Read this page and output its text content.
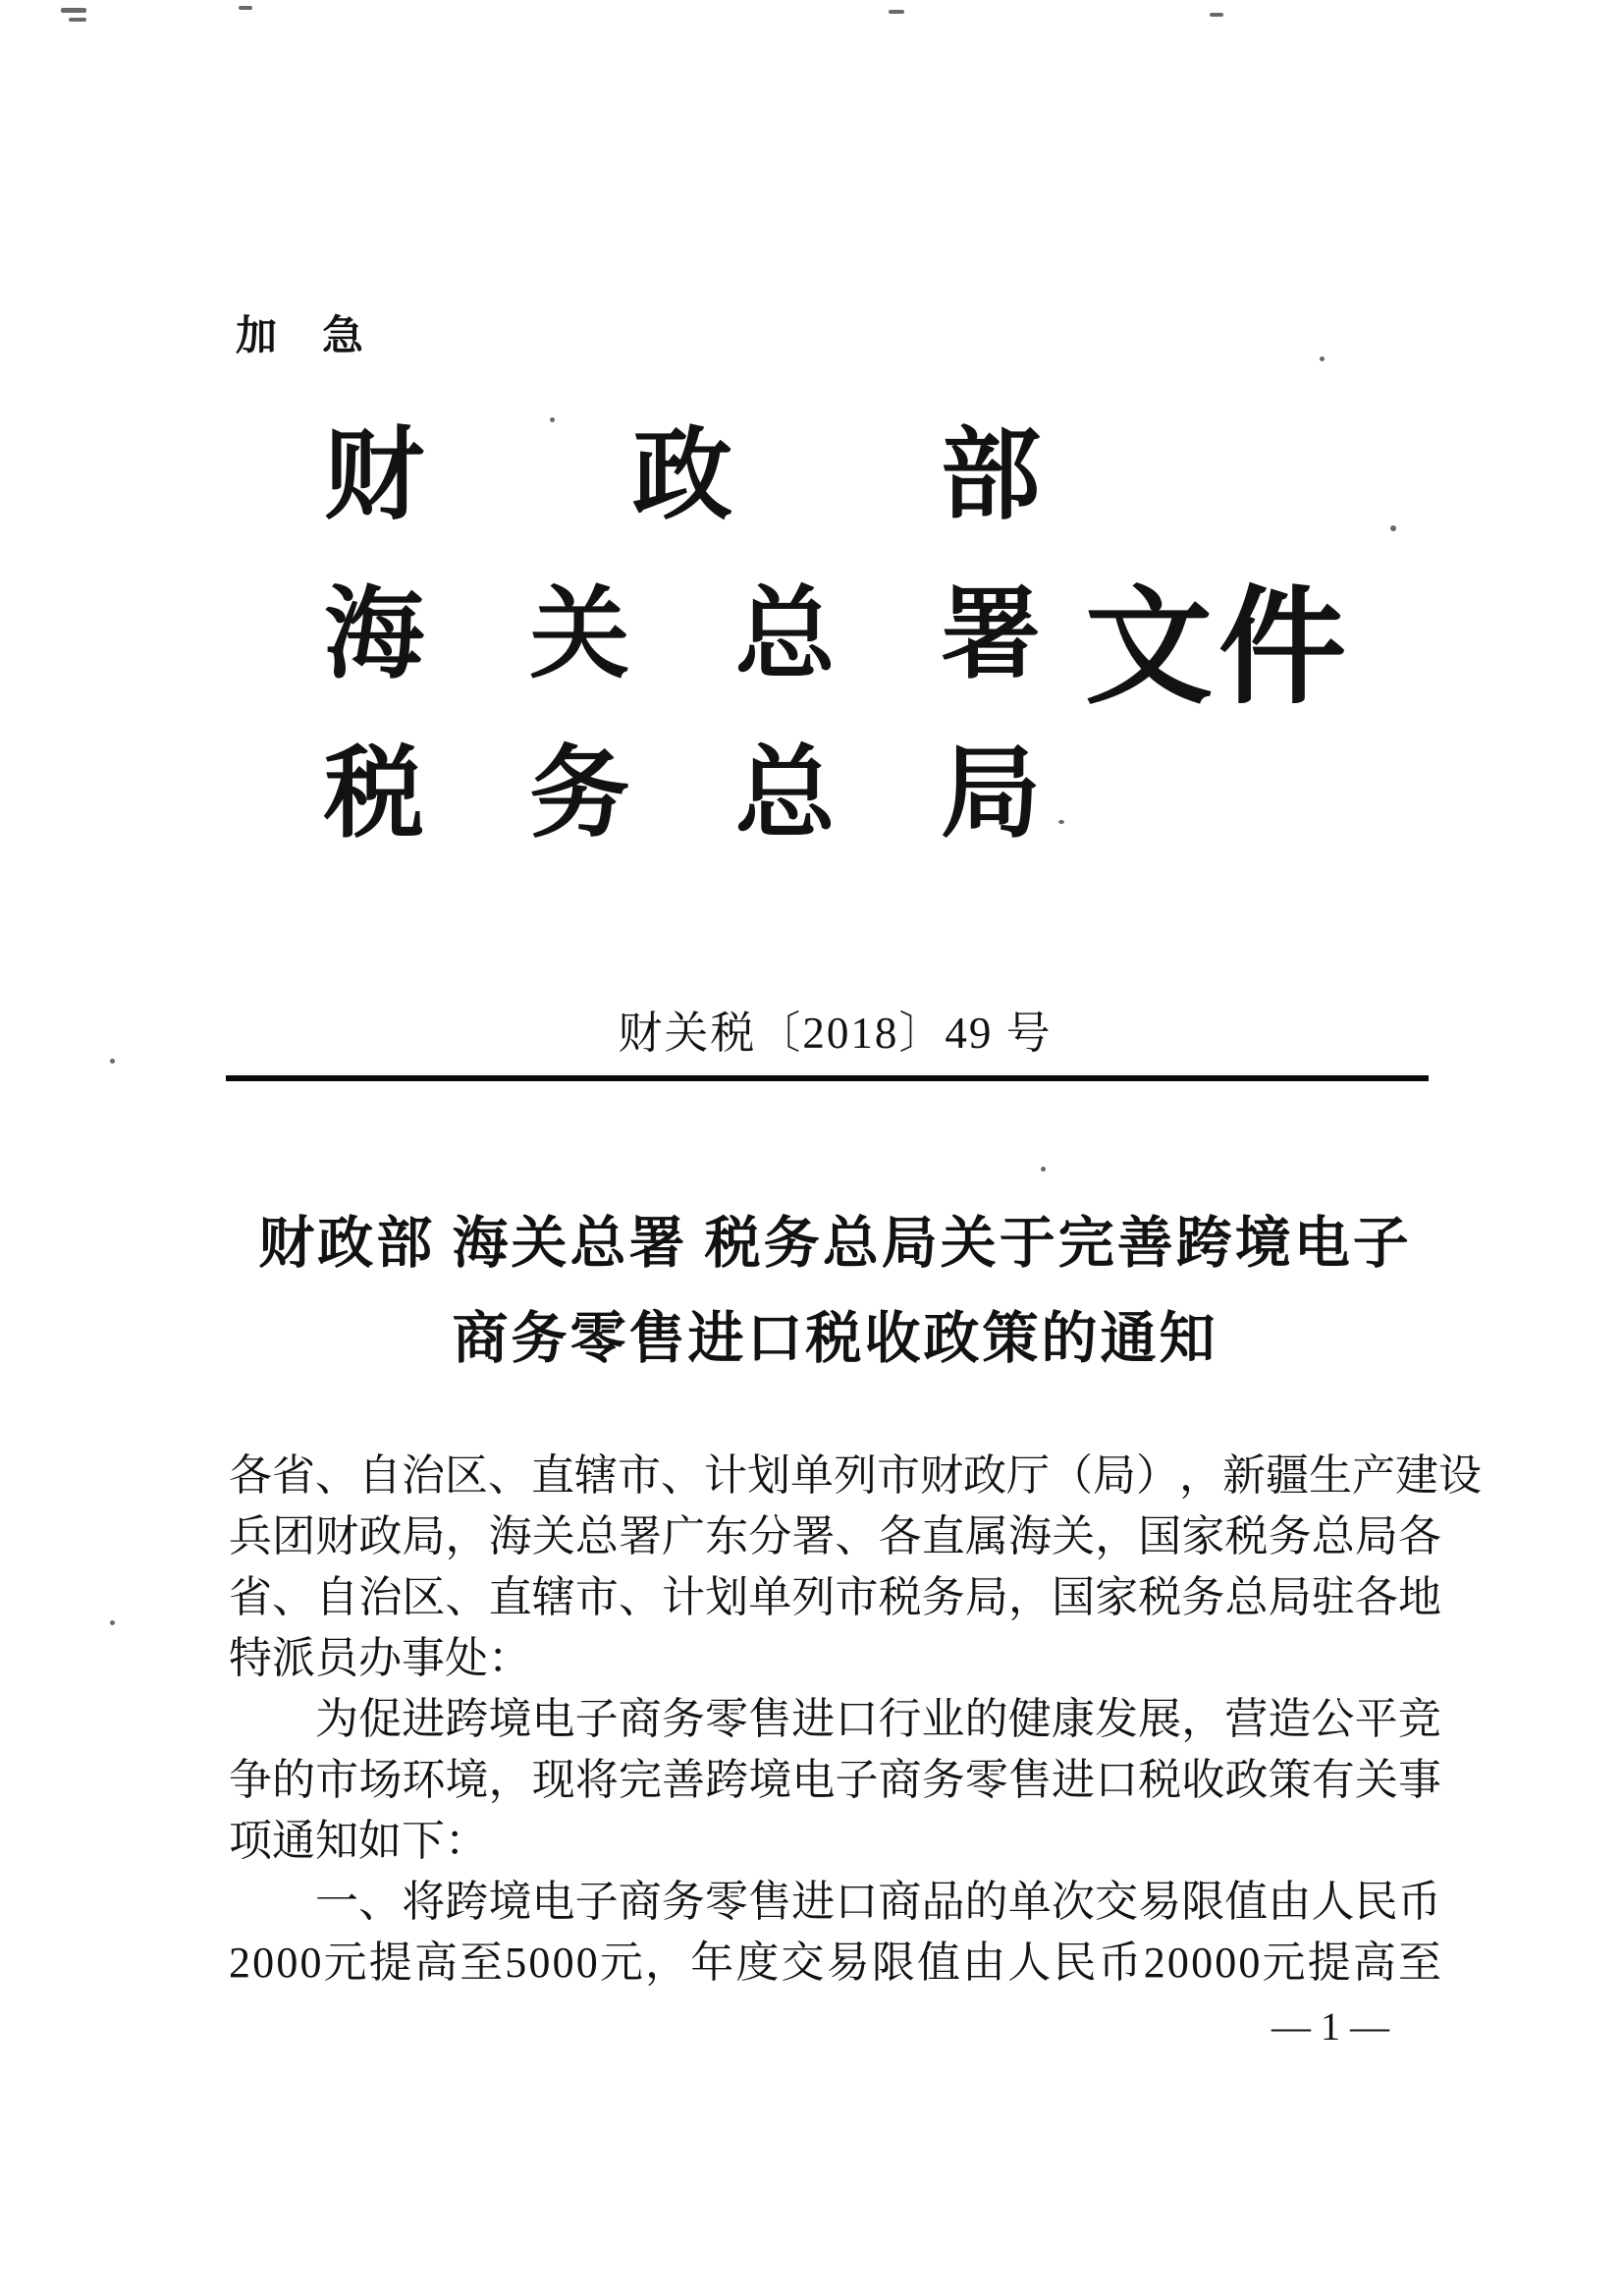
加 急
财 政 部
海 关 总 署
税 务 总 局
文件
财关税〔2018〕49 号
财政部 海关总署 税务总局关于完善跨境电子
商务零售进口税收政策的通知
各 省 、 自 治 区 、 直 辖 市 、 计 划 单 列 市 财 政 厅 （ 局 ） ， 新 疆 生 产 建 设
兵 团 财 政 局 ， 海 关 总 署 广 东 分 署 、 各 直 属 海 关 ， 国 家 税 务 总 局 各
省 、 自 治 区 、 直 辖 市 、 计 划 单 列 市 税 务 局 ， 国 家 税 务 总 局 驻 各 地
特派员办事处：
为 促 进 跨 境 电 子 商 务 零 售 进 口 行 业 的 健 康 发 展 ， 营 造 公 平 竞
争 的 市 场 环 境 ， 现 将 完 善 跨 境 电 子 商 务 零 售 进 口 税 收 政 策 有 关 事
项通知如下：
一 、 将 跨 境 电 子 商 务 零 售 进 口 商 品 的 单 次 交 易 限 值 由 人 民 币
2 0 0 0 元 提 高 至 5 0 0 0 元 ， 年 度 交 易 限 值 由 人 民 币 2 0 0 0 0 元 提 高 至
— 1 —
